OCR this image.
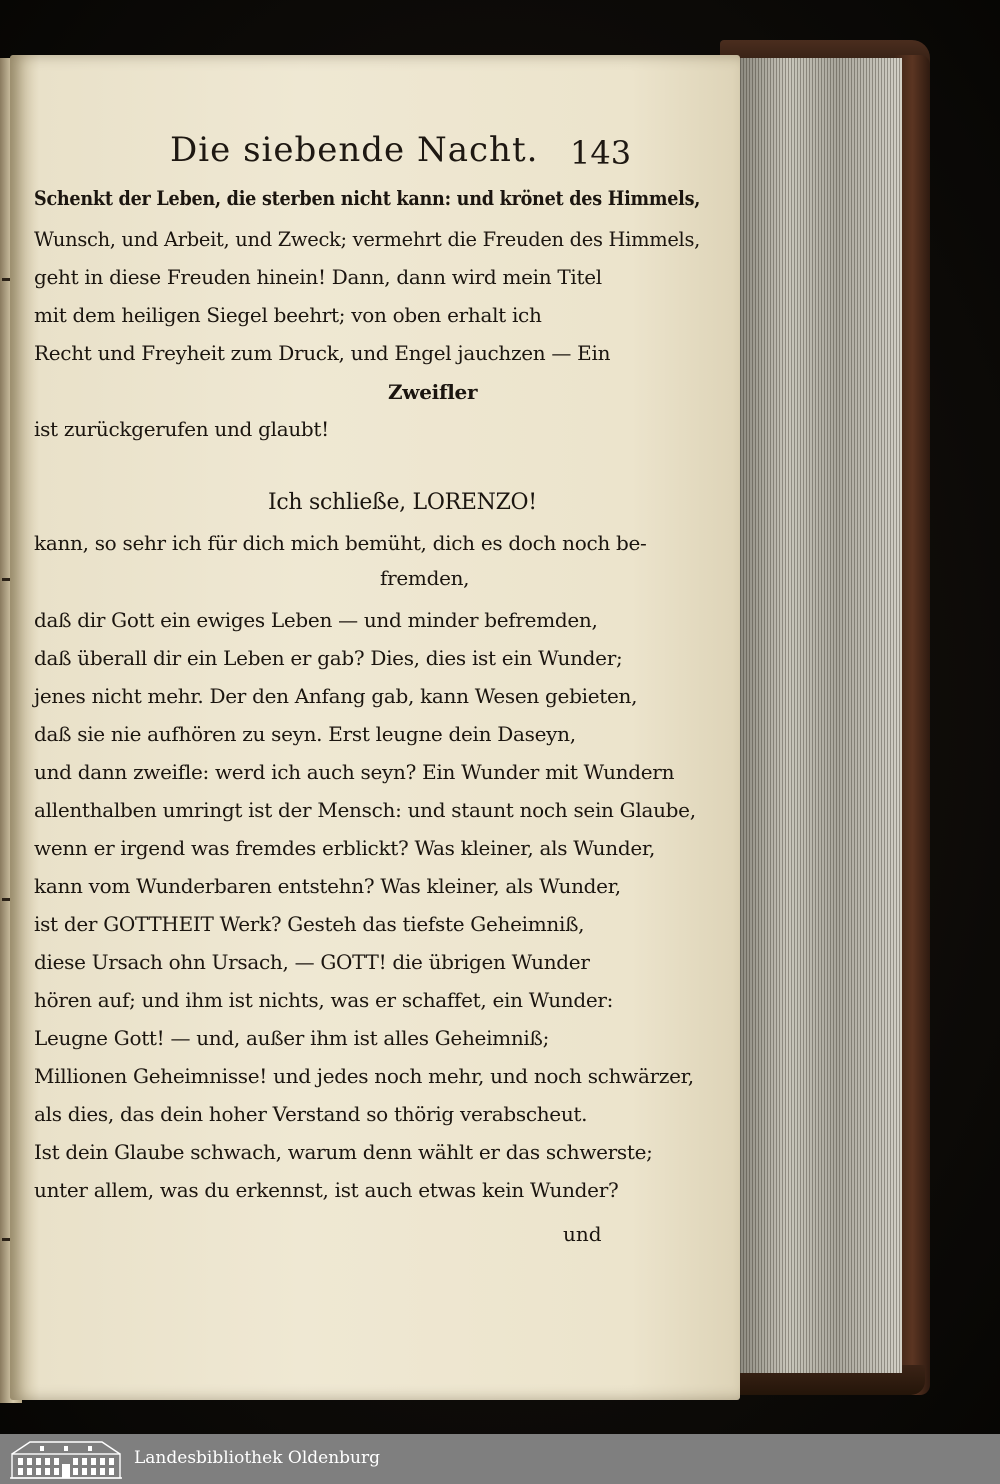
Die siebende Nacht. 143
Schenkt der Leben, die sterben nicht kann: und krönet des Himmels,
Wunsch, und Arbeit, und Zweck; vermehrt die Freuden des Himmels,
geht in diese Freuden hinein! Dann, dann wird mein Titel
mit dem heiligen Siegel beehrt; von oben erhalt ich
Recht und Freyheit zum Druck, und Engel jauchzen — Ein
Zweifler
ist zurückgerufen und glaubt!
Ich schließe, LORENZO!
kann, so sehr ich für dich mich bemüht, dich es doch noch be-
fremden,
daß dir Gott ein ewiges Leben — und minder befremden,
daß überall dir ein Leben er gab? Dies, dies ist ein Wunder;
jenes nicht mehr. Der den Anfang gab, kann Wesen gebieten,
daß sie nie aufhören zu seyn. Erst leugne dein Daseyn,
und dann zweifle: werd ich auch seyn? Ein Wunder mit Wundern
allenthalben umringt ist der Mensch: und staunt noch sein Glaube,
wenn er irgend was fremdes erblickt? Was kleiner, als Wunder,
kann vom Wunderbaren entstehn? Was kleiner, als Wunder,
ist der GOTTHEIT Werk? Gesteh das tiefste Geheimniß,
diese Ursach ohn Ursach, — GOTT! die übrigen Wunder
hören auf; und ihm ist nichts, was er schaffet, ein Wunder:
Leugne Gott! — und, außer ihm ist alles Geheimniß;
Millionen Geheimnisse! und jedes noch mehr, und noch schwärzer,
als dies, das dein hoher Verstand so thörig verabscheut.
Ist dein Glaube schwach, warum denn wählt er das schwerste;
unter allem, was du erkennst, ist auch etwas kein Wunder?
und
Landesbibliothek Oldenburg
